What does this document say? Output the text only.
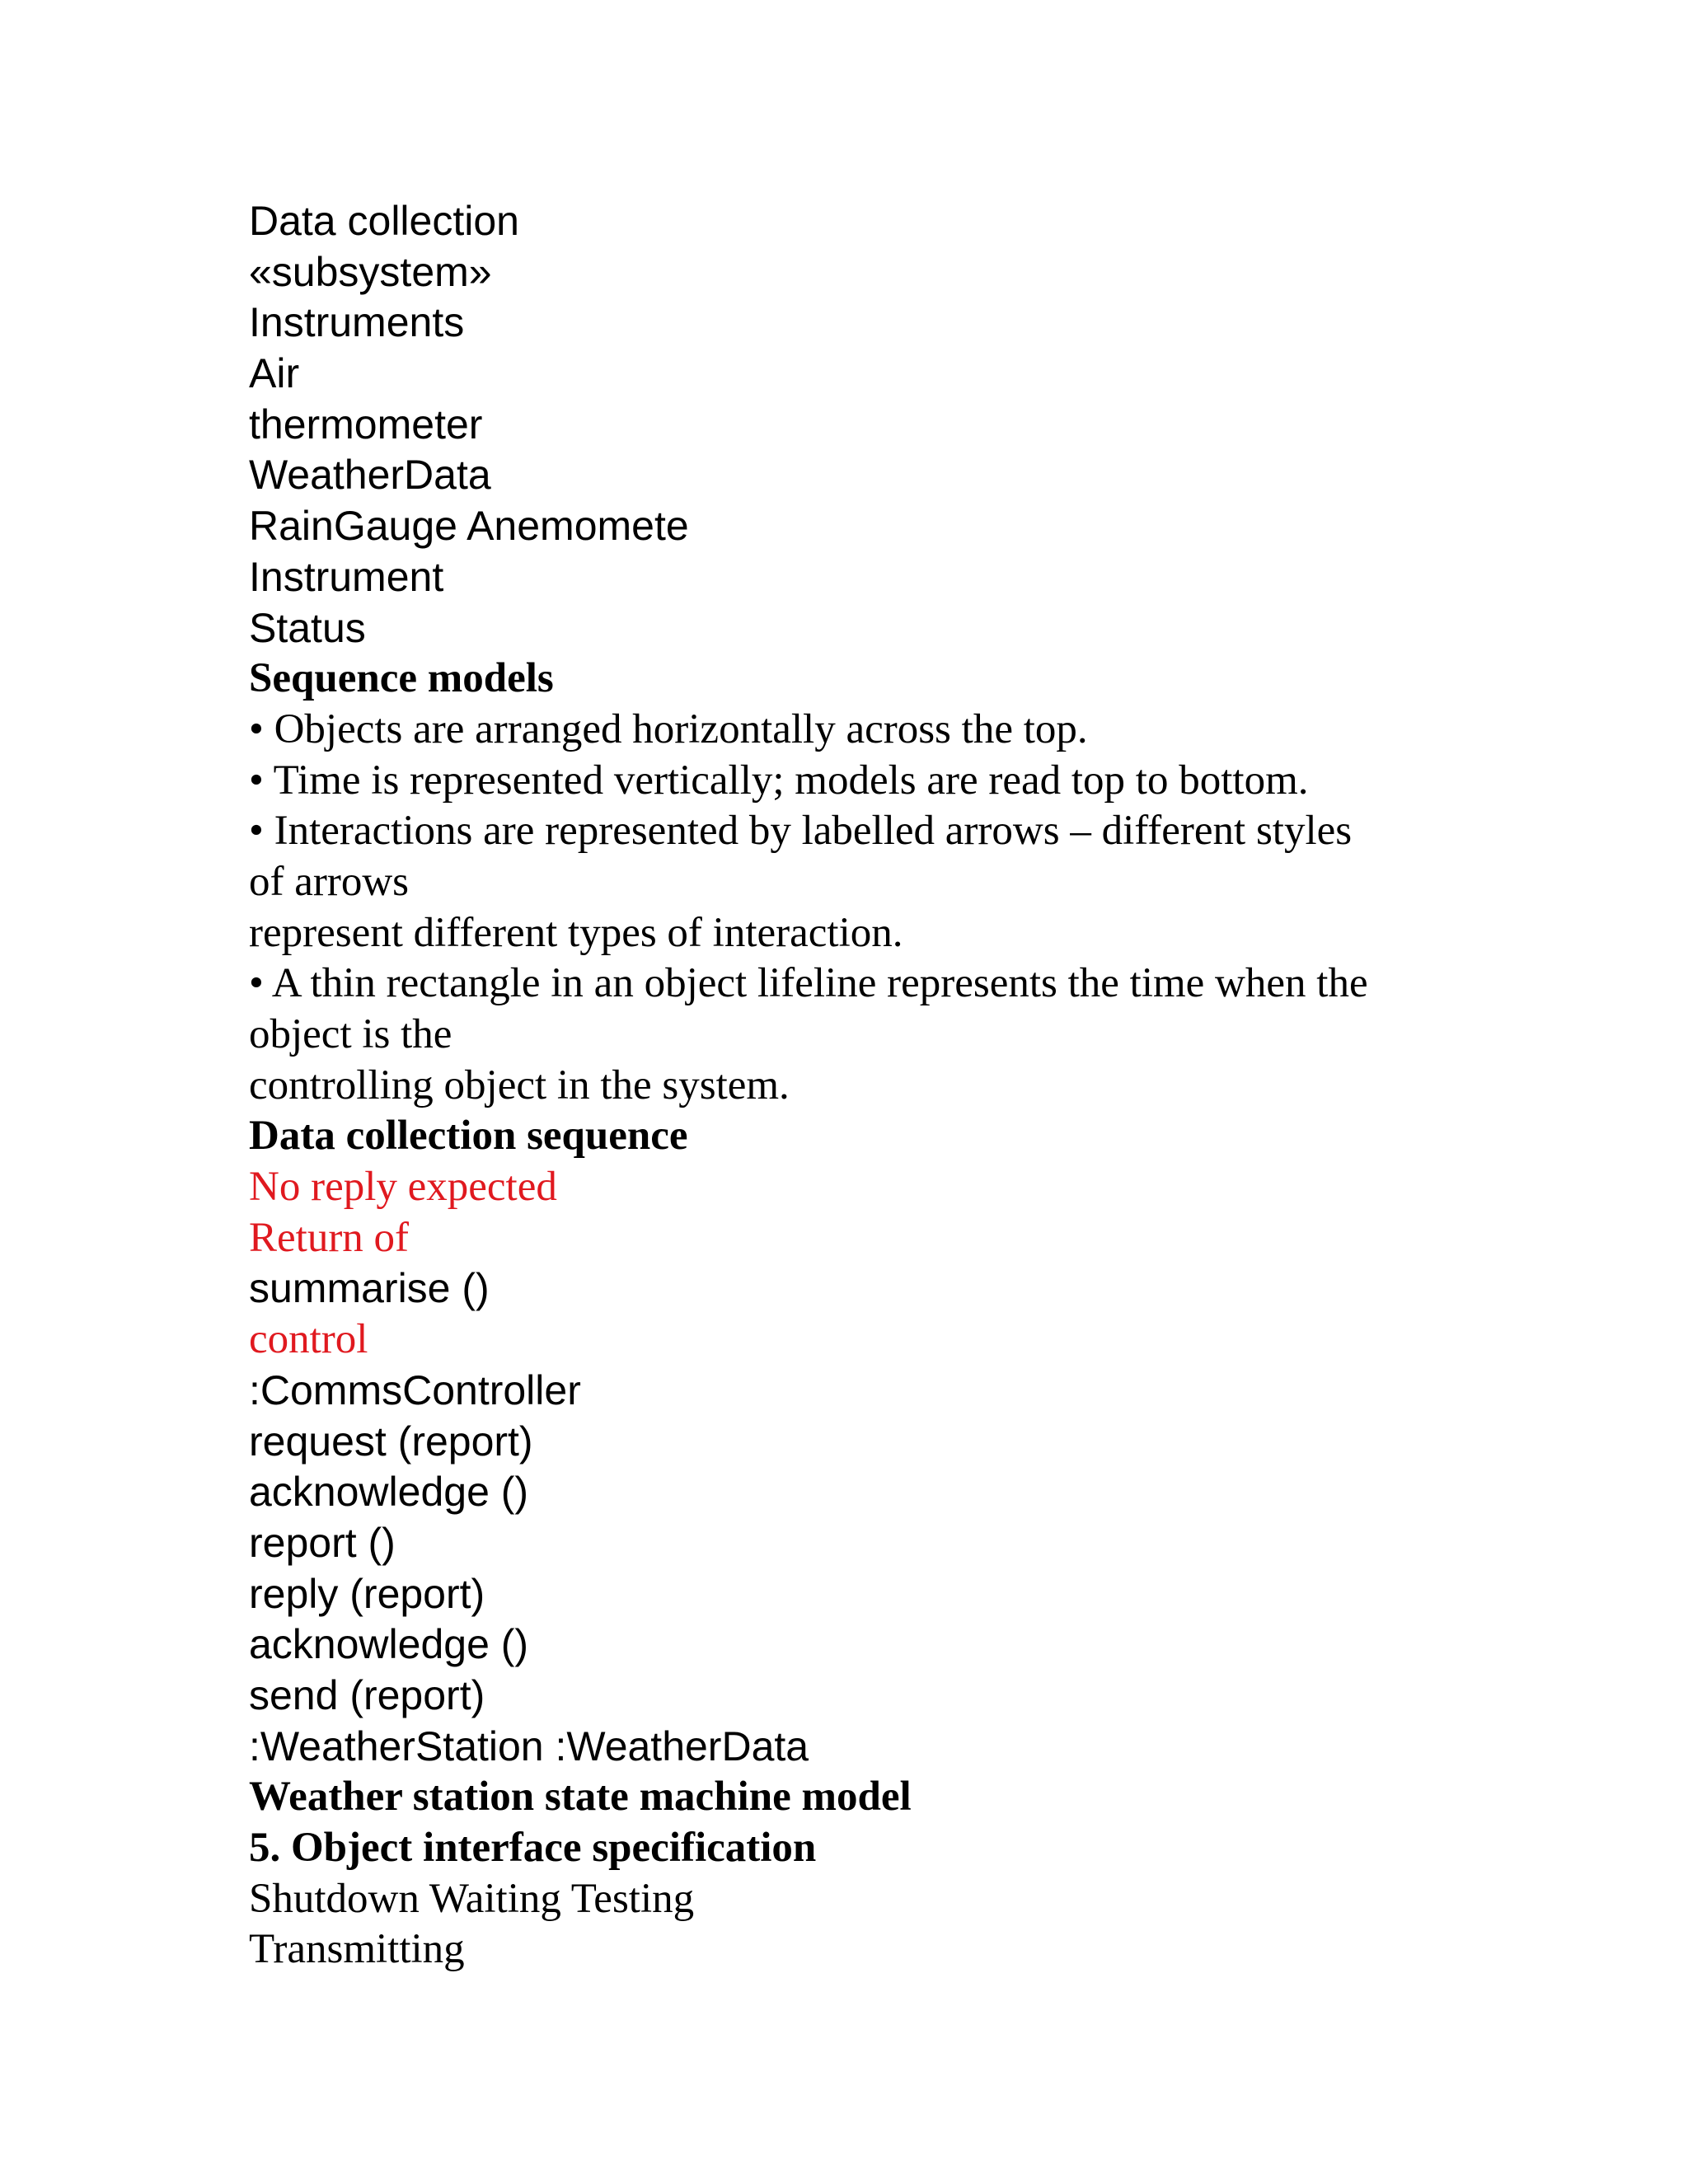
Data collection
«subsystem»
Instruments
Air
thermometer
WeatherData
RainGauge Anemomete
Instrument
Status
Sequence models
• Objects are arranged horizontally across the top.
• Time is represented vertically; models are read top to bottom.
• Interactions are represented by labelled arrows – different styles
of arrows
represent different types of interaction.
• A thin rectangle in an object lifeline represents the time when the
object is the
controlling object in the system.
Data collection sequence
No reply expected
Return of
summarise ()
control
:CommsController
request (report)
acknowledge ()
report ()
reply (report)
acknowledge ()
send (report)
:WeatherStation :WeatherData
Weather station state machine model
5. Object interface specification
Shutdown Waiting Testing
Transmitting
